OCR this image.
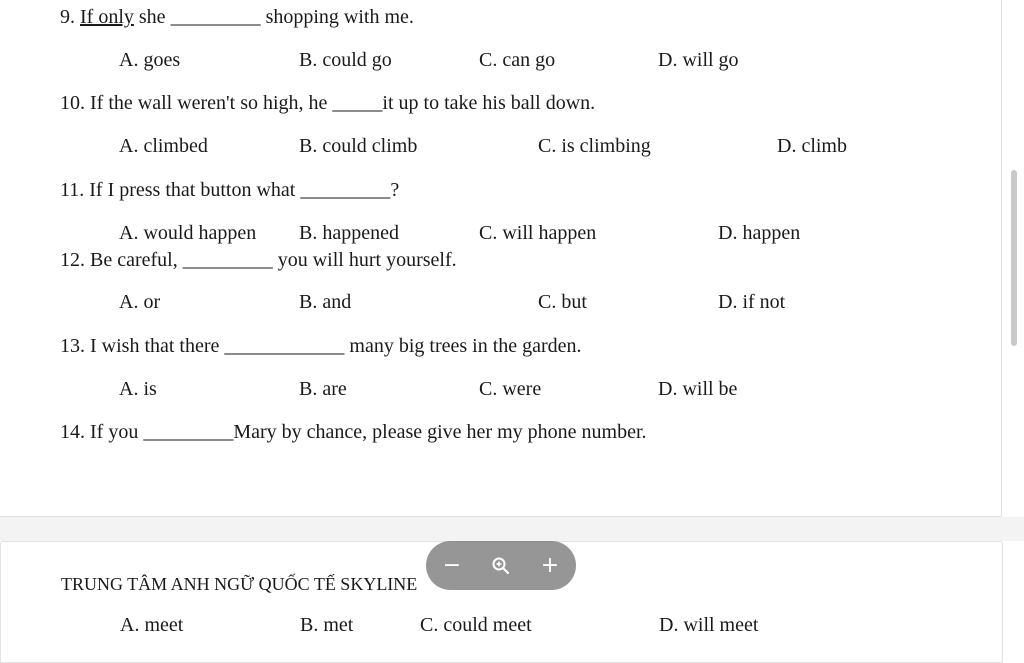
9. If only she _________ shopping with me.
A. goes	B. could go	C. can go	D. will go
10. If the wall weren't so high, he _____it up to take his ball down.
A. climbed	B. could climb	C. is climbing	D. climb
11. If I press that button what _________?
A. would happen B. happened	C. will happen	D. happen
12. Be careful, _________ you will hurt yourself.
A. or	B. and	C. but	D. if not
13. I wish that there ____________ many big trees in the garden.
A. is	B. are	C. were	D. will be
14. If you _________Mary by chance, please give her my phone number.
TRUNG TÂM ANH NGỮ QUỐC TẾ SKYLINE
A. meet	B. met	C. could meet	D. will meet
−	+
